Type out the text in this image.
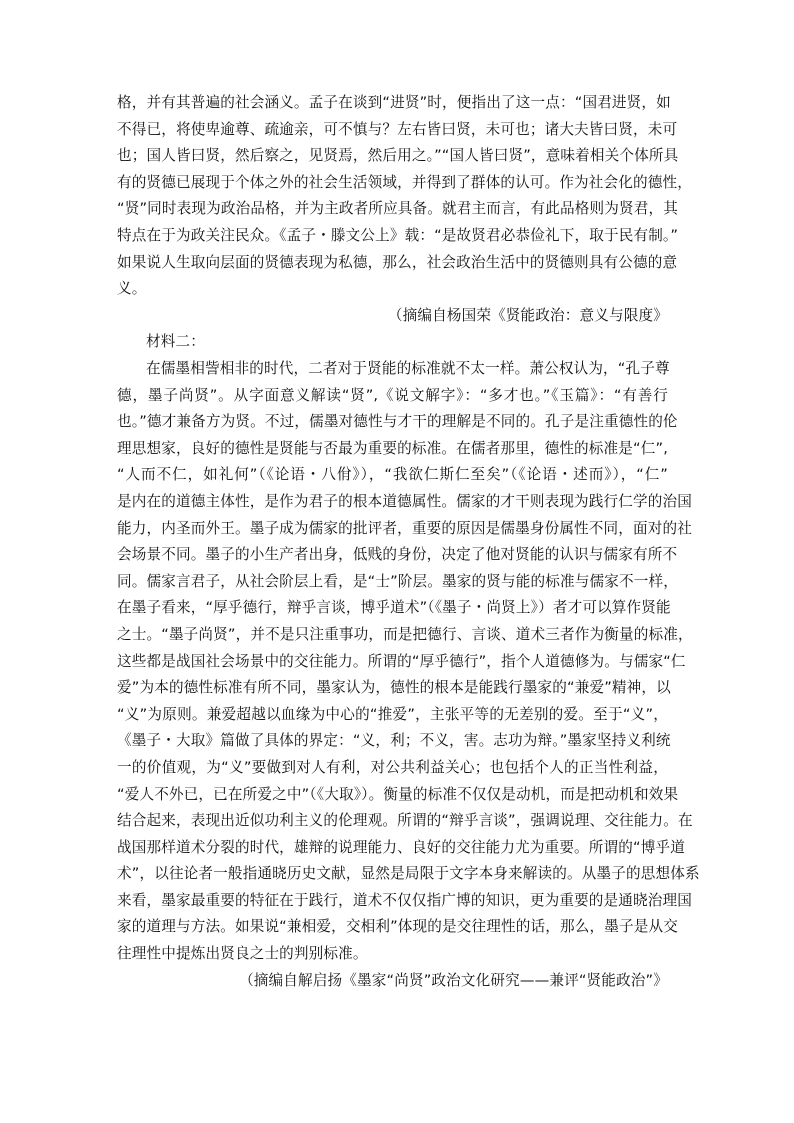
格，并有其普遍的社会涵义。孟子在谈到“进贤”时，便指出了这一点：“国君进贤，如
不得已，将使卑逾尊、疏逾亲，可不慎与？左右皆曰贤，未可也；诸大夫皆曰贤，未可
也；国人皆曰贤，然后察之，见贤焉，然后用之。”“国人皆曰贤”，意味着相关个体所具
有的贤德已展现于个体之外的社会生活领域，并得到了群体的认可。作为社会化的德性，
“贤”同时表现为政治品格，并为主政者所应具备。就君主而言，有此品格则为贤君，其
特点在于为政关注民众。《孟子・滕文公上》载：“是故贤君必恭俭礼下，取于民有制。”
如果说人生取向层面的贤德表现为私德，那么，社会政治生活中的贤德则具有公德的意
义。
（摘编自杨国荣《贤能政治：意义与限度》
材料二：
在儒墨相訾相非的时代，二者对于贤能的标准就不太一样。萧公权认为，“孔子尊
德，墨子尚贤”。从字面意义解读“贤”,《说文解字》：“多才也。”《玉篇》：“有善行
也。”德才兼备方为贤。不过，儒墨对德性与才干的理解是不同的。孔子是注重德性的伦
理思想家，良好的德性是贤能与否最为重要的标准。在儒者那里，德性的标准是“仁”,
“人而不仁，如礼何”（《论语・八佾》），“我欲仁斯仁至矣”（《论语・述而》），“仁”
是内在的道德主体性，是作为君子的根本道德属性。儒家的才干则表现为践行仁学的治国
能力，内圣而外王。墨子成为儒家的批评者，重要的原因是儒墨身份属性不同，面对的社
会场景不同。墨子的小生产者出身，低贱的身份，决定了他对贤能的认识与儒家有所不
同。儒家言君子，从社会阶层上看，是“士”阶层。墨家的贤与能的标准与儒家不一样，
在墨子看来，“厚乎德行，辩乎言谈，博乎道术”（《墨子・尚贤上》）者才可以算作贤能
之士。“墨子尚贤”，并不是只注重事功，而是把德行、言谈、道术三者作为衡量的标准，
这些都是战国社会场景中的交往能力。所谓的“厚乎德行”，指个人道德修为。与儒家“仁
爱”为本的德性标准有所不同，墨家认为，德性的根本是能践行墨家的“兼爱”精神，以
“义”为原则。兼爱超越以血缘为中心的“推爱”，主张平等的无差别的爱。至于“义”，
《墨子・大取》篇做了具体的界定：“义，利；不义，害。志功为辩。”墨家坚持义利统
一的价值观，为“义”要做到对人有利，对公共利益关心；也包括个人的正当性利益，
“爱人不外已，已在所爱之中”（《大取》）。衡量的标准不仅仅是动机，而是把动机和效果
结合起来，表现出近似功利主义的伦理观。所谓的“辩乎言谈”，强调说理、交往能力。在
战国那样道术分裂的时代，雄辩的说理能力、良好的交往能力尤为重要。所谓的“博乎道
术”，以往论者一般指通晓历史文献，显然是局限于文字本身来解读的。从墨子的思想体系
来看，墨家最重要的特征在于践行，道术不仅仅指广博的知识，更为重要的是通晓治理国
家的道理与方法。如果说“兼相爱，交相利”体现的是交往理性的话，那么，墨子是从交
往理性中提炼出贤良之士的判别标准。
（摘编自解启扬《墨家“尚贤”政治文化研究——兼评“贤能政治”》
